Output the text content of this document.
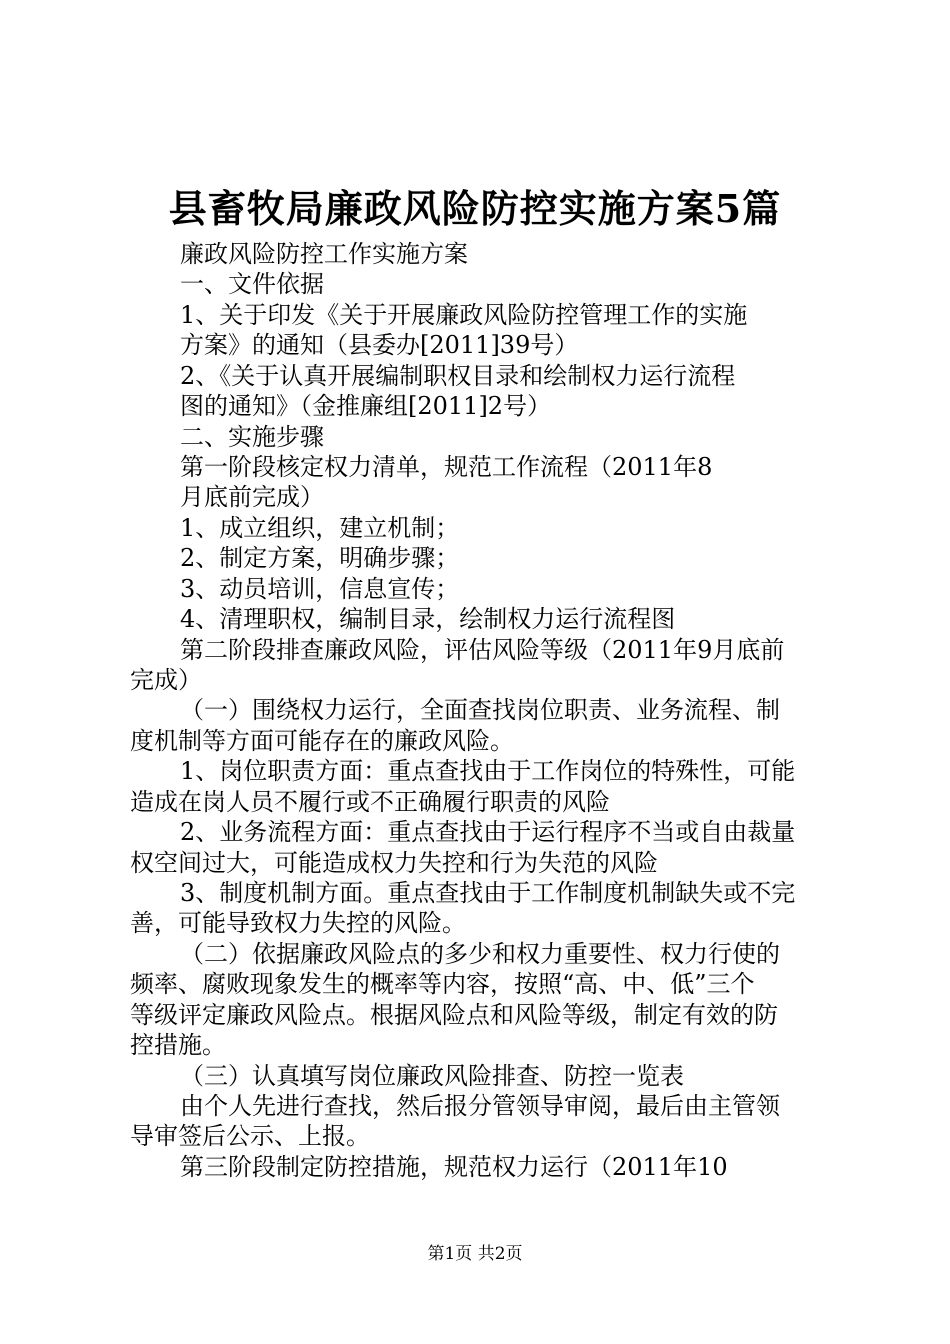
县畜牧局廉政风险防控实施方案5篇
廉政风险防控工作实施方案
一、文件依据
1、关于印发《关于开展廉政风险防控管理工作的实施
方案》的通知（县委办[2011]39号）
2、《关于认真开展编制职权目录和绘制权力运行流程
图的通知》（金推廉组[2011]2号）
二、实施步骤
第一阶段核定权力清单，规范工作流程（2011年8
月底前完成）
1、成立组织，建立机制；
2、制定方案，明确步骤；
3、动员培训，信息宣传；
4、清理职权，编制目录，绘制权力运行流程图
第二阶段排查廉政风险，评估风险等级（2011年9月底前
完成）
（一）围绕权力运行，全面查找岗位职责、业务流程、制
度机制等方面可能存在的廉政风险。
1、岗位职责方面：重点查找由于工作岗位的特殊性，可能
造成在岗人员不履行或不正确履行职责的风险
2、业务流程方面：重点查找由于运行程序不当或自由裁量
权空间过大，可能造成权力失控和行为失范的风险
3、制度机制方面。重点查找由于工作制度机制缺失或不完
善，可能导致权力失控的风险。
（二）依据廉政风险点的多少和权力重要性、权力行使的
频率、腐败现象发生的概率等内容，按照“高、中、低”三个
等级评定廉政风险点。根据风险点和风险等级，制定有效的防
控措施。
（三）认真填写岗位廉政风险排查、防控一览表
由个人先进行查找，然后报分管领导审阅，最后由主管领
导审签后公示、上报。
第三阶段制定防控措施，规范权力运行（2011年10
第1页 共2页
